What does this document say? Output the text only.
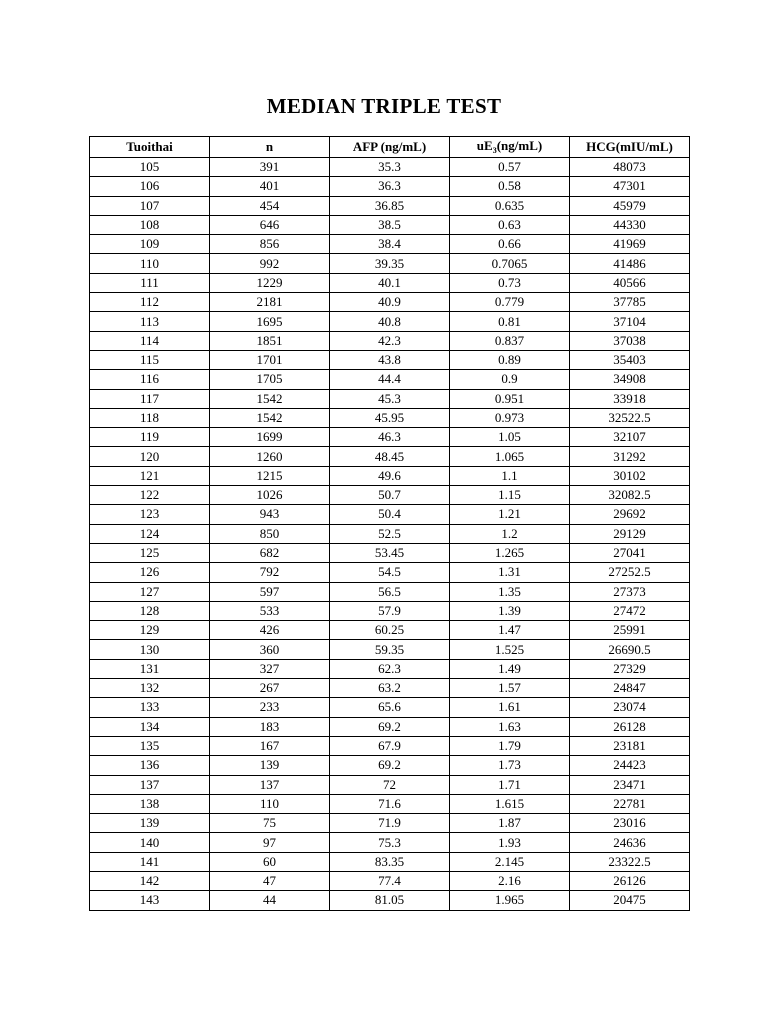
MEDIAN TRIPLE TEST
Tuoithai	n	AFP (ng/mL)	$uE_3(ng/mL)$	HCG(mIU/mL)
105	391	35.3	0.57	48073
106	401	36.3	0.58	47301
107	454	36.85	0.635	45979
108	646	38.5	0.63	44330
109	856	38.4	0.66	41969
110	992	39.35	0.7065	41486
111	1229	40.1	0.73	40566
112	2181	40.9	0.779	37785
113	1695	40.8	0.81	37104
114	1851	42.3	0.837	37038
115	1701	43.8	0.89	35403
116	1705	44.4	0.9	34908
117	1542	45.3	0.951	33918
118	1542	45.95	0.973	32522.5
119	1699	46.3	1.05	32107
120	1260	48.45	1.065	31292
121	1215	49.6	1.1	30102
122	1026	50.7	1.15	32082.5
123	943	50.4	1.21	29692
124	850	52.5	1.2	29129
125	682	53.45	1.265	27041
126	792	54.5	1.31	27252.5
127	597	56.5	1.35	27373
128	533	57.9	1.39	27472
129	426	60.25	1.47	25991
130	360	59.35	1.525	26690.5
131	327	62.3	1.49	27329
132	267	63.2	1.57	24847
133	233	65.6	1.61	23074
134	183	69.2	1.63	26128
135	167	67.9	1.79	23181
136	139	69.2	1.73	24423
137	137	72	1.71	23471
138	110	71.6	1.615	22781
139	75	71.9	1.87	23016
140	97	75.3	1.93	24636
141	60	83.35	2.145	23322.5
142	47	77.4	2.16	26126
143	44	81.05	1.965	20475
